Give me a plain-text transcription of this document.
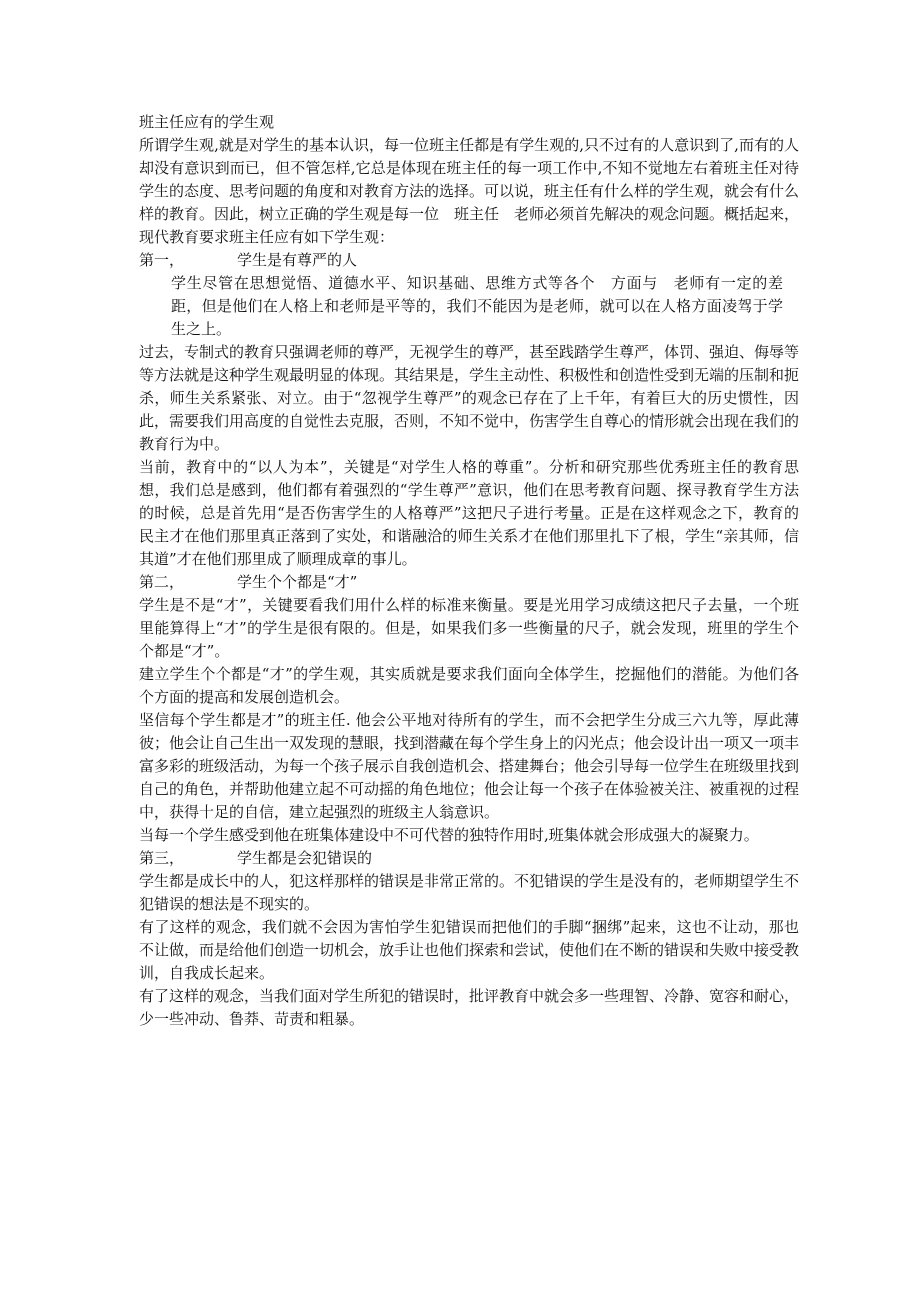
班主任应有的学生观
所谓学生观,就是对学生的基本认识，每一位班主任都是有学生观的,只不过有的人意识到了,而有的人却没有意识到而已，但不管怎样,它总是体现在班主任的每一项工作中,不知不觉地左右着班主任对待学生的态度、思考问题的角度和对教育方法的选择。可以说，班主任有什么样的学生观，就会有什么样的教育。因此，树立正确的学生观是每一位　班主任　老师必须首先解决的观念问题。概括起来，现代教育要求班主任应有如下学生观：
第一，	学生是有尊严的人
学生尽管在思想觉悟、道德水平、知识基础、思维方式等各个　方面与　老师有一定的差距，但是他们在人格上和老师是平等的，我们不能因为是老师，就可以在人格方面凌驾于学生之上。
过去，专制式的教育只强调老师的尊严，无视学生的尊严，甚至践踏学生尊严，体罚、强迫、侮辱等等方法就是这种学生观最明显的体现。其结果是，学生主动性、积极性和创造性受到无端的压制和扼杀，师生关系紧张、对立。由于“忽视学生尊严”的观念已存在了上千年，有着巨大的历史惯性，因此，需要我们用高度的自觉性去克服，否则，不知不觉中，伤害学生自尊心的情形就会出现在我们的教育行为中。
当前，教育中的“以人为本”，关键是“对学生人格的尊重”。分析和研究那些优秀班主任的教育思想，我们总是感到，他们都有着强烈的“学生尊严”意识，他们在思考教育问题、探寻教育学生方法的时候，总是首先用“是否伤害学生的人格尊严”这把尺子进行考量。正是在这样观念之下，教育的民主才在他们那里真正落到了实处，和谐融洽的师生关系才在他们那里扎下了根，学生“亲其师，信其道”才在他们那里成了顺理成章的事儿。
第二，	学生个个都是“才”
学生是不是“才”，关键要看我们用什么样的标准来衡量。要是光用学习成绩这把尺子去量，一个班里能算得上“才”的学生是很有限的。但是，如果我们多一些衡量的尺子，就会发现，班里的学生个个都是“才”。
建立学生个个都是“才”的学生观，其实质就是要求我们面向全体学生，挖掘他们的潜能。为他们各个方面的提高和发展创造机会。
坚信每个学生都是才”的班主任. 他会公平地对待所有的学生，而不会把学生分成三六九等，厚此薄彼；他会让自己生出一双发现的慧眼，找到潜藏在每个学生身上的闪光点；他会设计出一项又一项丰富多彩的班级活动，为每一个孩子展示自我创造机会、搭建舞台；他会引导每一位学生在班级里找到自己的角色，并帮助他建立起不可动摇的角色地位；他会让每一个孩子在体验被关注、被重视的过程中，获得十足的自信，建立起强烈的班级主人翁意识。
当每一个学生感受到他在班集体建设中不可代替的独特作用时,班集体就会形成强大的凝聚力。
第三，	学生都是会犯错误的
学生都是成长中的人，犯这样那样的错误是非常正常的。不犯错误的学生是没有的，老师期望学生不犯错误的想法是不现实的。
有了这样的观念，我们就不会因为害怕学生犯错误而把他们的手脚“捆绑”起来，这也不让动，那也不让做，而是给他们创造一切机会，放手让也他们探索和尝试，使他们在不断的错误和失败中接受教训，自我成长起来。
有了这样的观念，当我们面对学生所犯的错误时，批评教育中就会多一些理智、冷静、宽容和耐心，少一些冲动、鲁莽、苛责和粗暴。
